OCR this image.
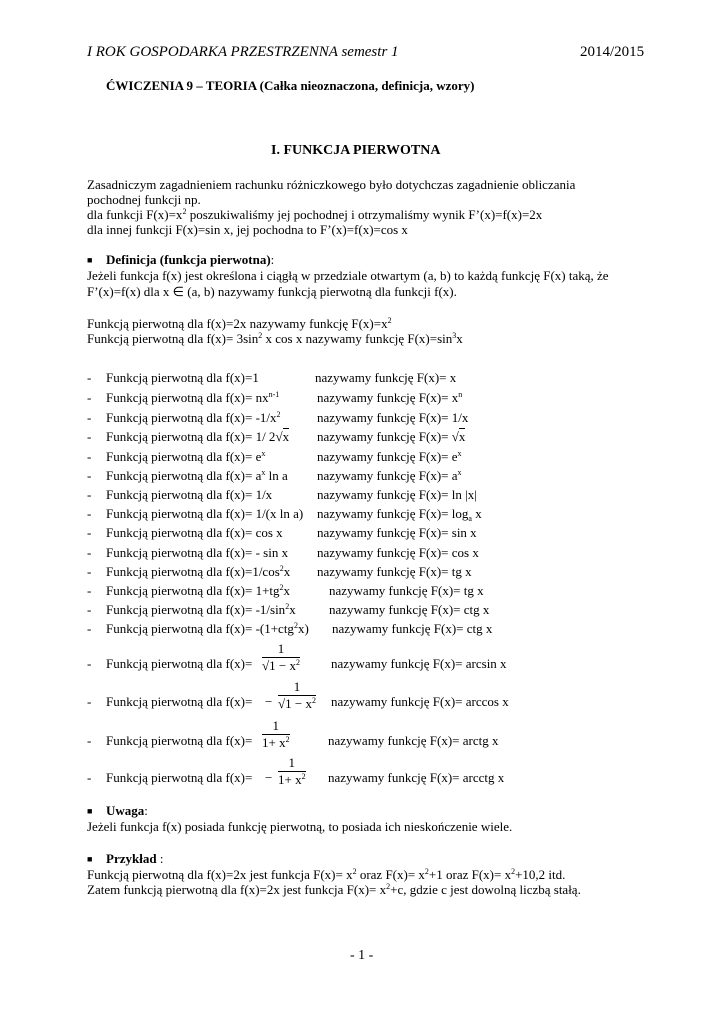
I ROK GOSPODARKA PRZESTRZENNA semestr 1	2014/2015
ĆWICZENIA 9 – TEORIA (Całka nieoznaczona, definicja, wzory)
I. FUNKCJA PIERWOTNA
Zasadniczym zagadnieniem rachunku różniczkowego było dotychczas zagadnienie obliczania
pochodnej funkcji np.
dla funkcji $F(x)=x^2$ poszukiwaliśmy jej pochodnej i otrzymaliśmy wynik F’(x)=f(x)=2x
dla innej funkcji F(x)=sin x, jej pochodna to F’(x)=f(x)=cos x
■ Definicja (funkcja pierwotna):
Jeżeli funkcja f(x) jest określona i ciągłą w przedziale otwartym (a, b) to każdą funkcję F(x) taką, że
F’(x)=f(x) dla x ∈ (a, b) nazywamy funkcją pierwotną dla funkcji f(x).
Funkcją pierwotną dla f(x)=2x nazywamy funkcję $F(x)=x^2$
Funkcją pierwotną dla $f(x)= 3\sin^2$ x cos x nazywamy funkcję $F(x)=\sin^3x$
- Funkcją pierwotną dla f(x)=1	nazywamy funkcję F(x)= x
- Funkcją pierwotną dla $f(x)= nx^{n-1}$	nazywamy funkcję $F(x)= x^n$
- Funkcją pierwotną dla $f(x)= -1/x^2$	nazywamy funkcję F(x)= 1/x
- Funkcją pierwotną dla f(x)= 1/ 2√x nazywamy funkcję F(x)= √x
- Funkcją pierwotną dla $f(x)= e^x$	nazywamy funkcję $F(x)= e^x$
- Funkcją pierwotną dla $f(x)= a^x$ ln a nazywamy funkcję $F(x)= a^x$
- Funkcją pierwotną dla f(x)= 1/x	nazywamy funkcję F(x)= ln |x|
- Funkcją pierwotną dla f(x)= 1/(x ln a) nazywamy funkcję $F(x)= \log_a x$
- Funkcją pierwotną dla f(x)= cos x	nazywamy funkcję F(x)= sin x
- Funkcją pierwotną dla f(x)= - sin x nazywamy funkcję F(x)= cos x
- Funkcją pierwotną dla $f(x)=1/\cos^2x$ nazywamy funkcję F(x)= tg x
- Funkcją pierwotną dla $f(x)= 1+tg^2x$	nazywamy funkcję F(x)= tg x
- Funkcją pierwotną dla $f(x)= -1/\sin^2x$	nazywamy funkcję F(x)= ctg x
- Funkcją pierwotną dla f(x)= -(1+ctg$^2$x) nazywamy funkcję F(x)= ctg x
- Funkcją pierwotną dla $f(x)= \frac{1}{√1 - x^2}$ nazywamy funkcję F(x)= arcsin x
- Funkcją pierwotną dla $f(x)= - \frac{1}{√1 - x^2}$ nazywamy funkcję F(x)= arccos x
- Funkcją pierwotną dla $f(x)= \frac{1}{1+ x^2}$	nazywamy funkcję F(x)= arctg x
- Funkcją pierwotną dla $f(x)= - \frac{1}{1+ x^2}$ nazywamy funkcję F(x)= arcctg x
■ Uwaga:
Jeżeli funkcja f(x) posiada funkcję pierwotną, to posiada ich nieskończenie wiele.
■ Przykład :
Funkcją pierwotną dla f(x)=2x jest funkcja $F(x)= x^2$ oraz $F(x)= x^2+1$ oraz $F(x)= x^2+10,2$ itd.
Zatem funkcją pierwotną dla f(x)=2x jest funkcja $F(x)= x^2+c$, gdzie c jest dowolną liczbą stałą.
- 1 -
